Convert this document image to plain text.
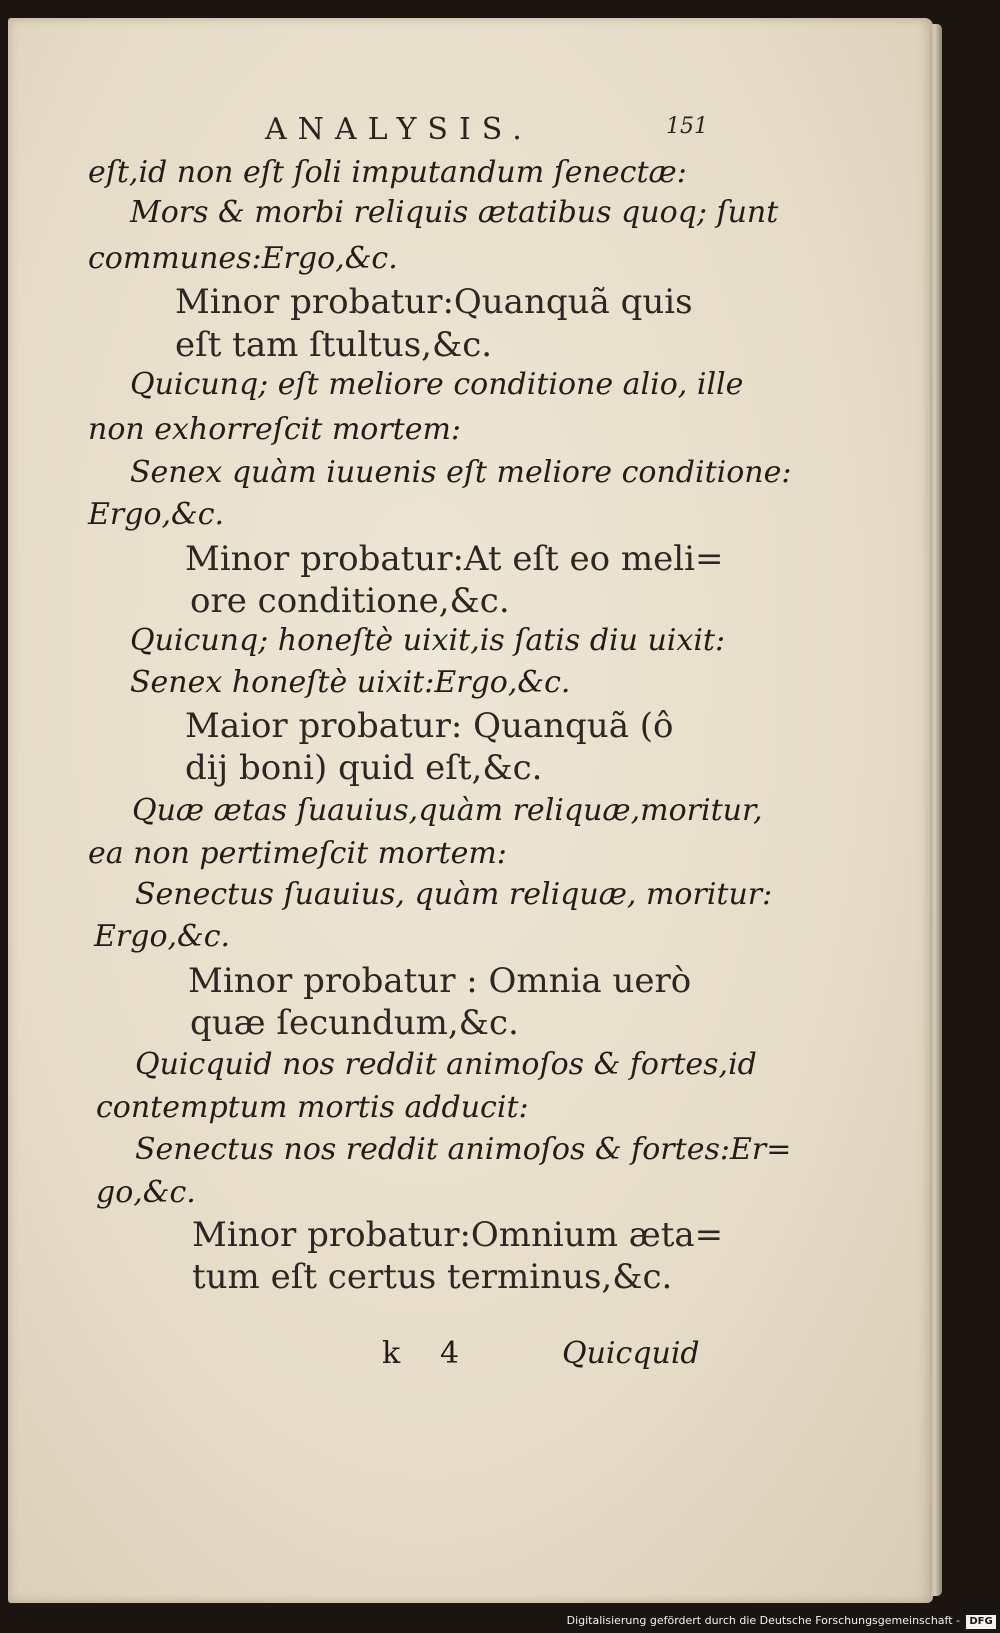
ANALYSIS.	151
eſt,id non eſt ſoli imputandum ſenectæ:
Mors & morbi reliquis ætatibus quoq; ſunt
communes:Ergo,&c.
Minor probatur:Quanquã quis
eſt tam ſtultus,&c.
Quicunq; eſt meliore conditione alio, ille
non exhorreſcit mortem:
Senex quàm iuuenis eſt meliore conditione:
Ergo,&c.
Minor probatur:At eſt eo meli=
ore conditione,&c.
Quicunq; honeſtè uixit,is ſatis diu uixit:
Senex honeſtè uixit:Ergo,&c.
Maior probatur: Quanquã (ô
dij boni) quid eſt,&c.
Quæ ætas ſuauius,quàm reliquæ,moritur,
ea non pertimeſcit mortem:
Senectus ſuauius, quàm reliquæ, moritur:
Ergo,&c.
Minor probatur : Omnia uerò
quæ ſecundum,&c.
Quicquid nos reddit animoſos & fortes,id
contemptum mortis adducit:
Senectus nos reddit animoſos & fortes:Er=
go,&c.
Minor probatur:Omnium æta=
tum eſt certus terminus,&c.
k 4	Quicquid
Digitalisierung gefördert durch die Deutsche Forschungsgemeinschaft - DFG
